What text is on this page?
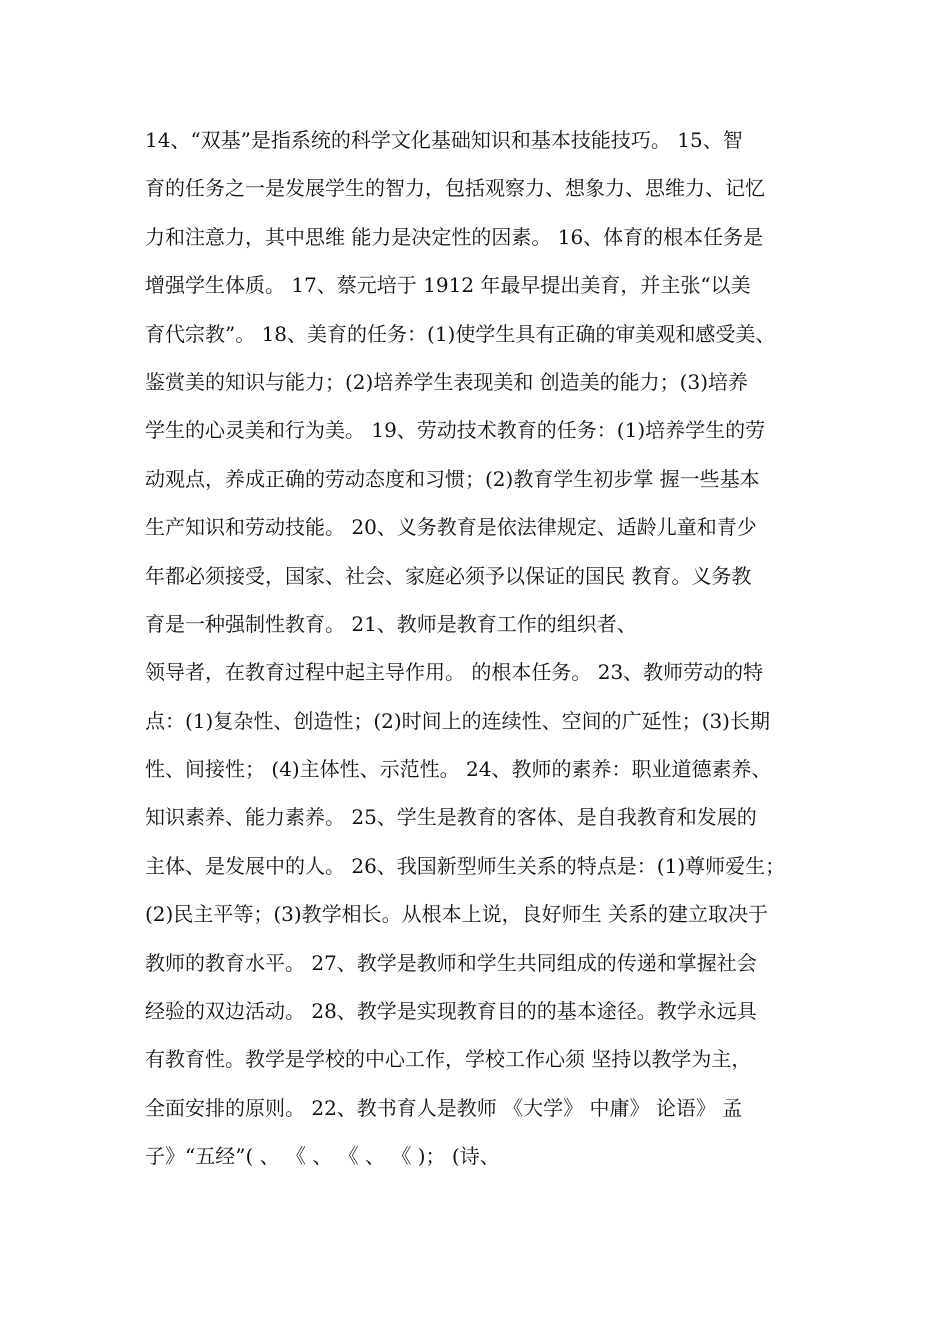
14、“双基”是指系统的科学文化基础知识和基本技能技巧。 15、智
育的任务之一是发展学生的智力，包括观察力、想象力、思维力、记忆
力和注意力，其中思维 能力是决定性的因素。 16、体育的根本任务是
增强学生体质。 17、蔡元培于 1912 年最早提出美育，并主张“以美
育代宗教”。 18、美育的任务：(1)使学生具有正确的审美观和感受美、
鉴赏美的知识与能力；(2)培养学生表现美和 创造美的能力；(3)培养
学生的心灵美和行为美。 19、劳动技术教育的任务：(1)培养学生的劳
动观点，养成正确的劳动态度和习惯；(2)教育学生初步掌 握一些基本
生产知识和劳动技能。 20、义务教育是依法律规定、适龄儿童和青少
年都必须接受，国家、社会、家庭必须予以保证的国民 教育。义务教
育是一种强制性教育。 21、教师是教育工作的组织者、
领导者，在教育过程中起主导作用。 的根本任务。 23、教师劳动的特
点：(1)复杂性、创造性；(2)时间上的连续性、空间的广延性；(3)长期
性、间接性； (4)主体性、示范性。 24、教师的素养：职业道德素养、
知识素养、能力素养。 25、学生是教育的客体、是自我教育和发展的
主体、是发展中的人。 26、我国新型师生关系的特点是：(1)尊师爱生；
(2)民主平等；(3)教学相长。从根本上说，良好师生 关系的建立取决于
教师的教育水平。 27、教学是教师和学生共同组成的传递和掌握社会
经验的双边活动。 28、教学是实现教育目的的基本途径。教学永远具
有教育性。教学是学校的中心工作，学校工作心须 坚持以教学为主，
全面安排的原则。 22、教书育人是教师 《大学》 中庸》 论语》 孟
子》“五经”( 、 《 、 《 、 《 )； (诗、
